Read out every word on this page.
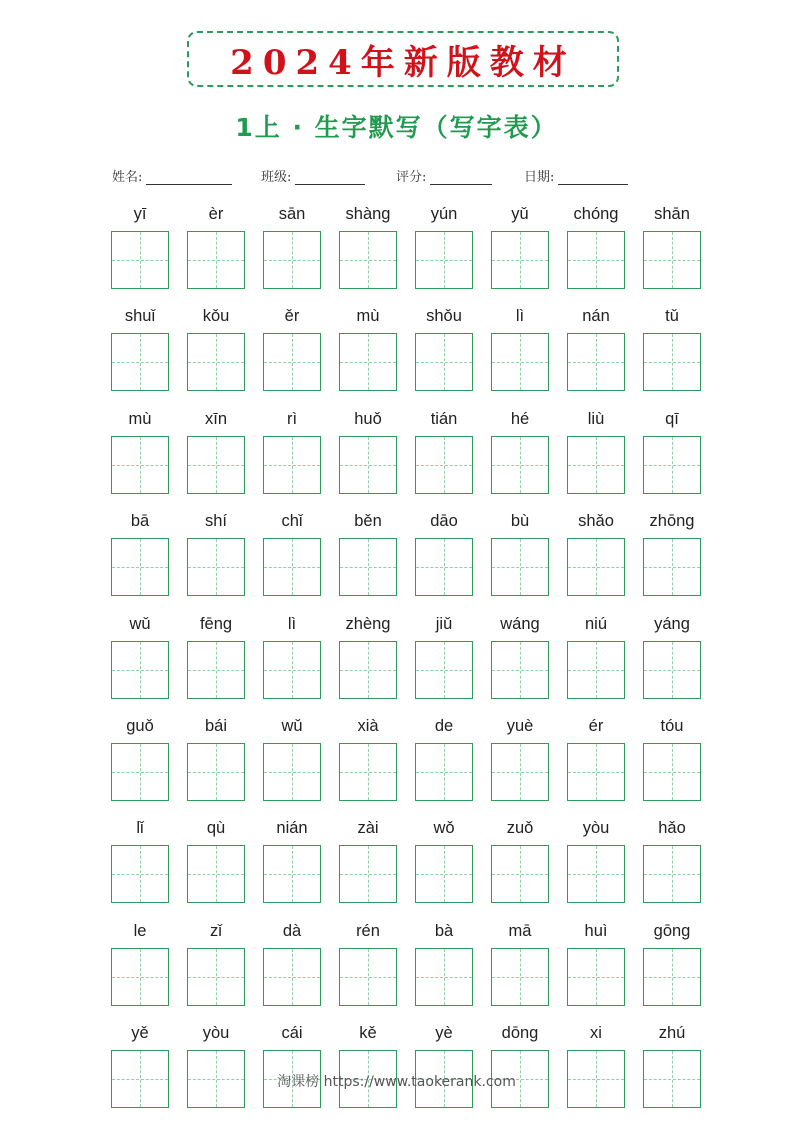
2024年新版教材
1上 · 生字默写（写字表）
姓名:	班级:	评分:	日期:
yī	èr	sān	shàng	yún	yǔ	chóng	shān
shuǐ	kǒu	ěr	mù	shǒu	lì	nán	tǔ
mù	xīn	rì	huǒ	tián	hé	liù	qī
bā	shí	chǐ	běn	dāo	bù	shǎo	zhōng
wǔ	fēng	lì	zhèng	jiǔ	wáng	niú	yáng
guǒ	bái	wǔ	xià	de	yuè	ér	tóu
lǐ	qù	nián	zài	wǒ	zuǒ	yòu	hǎo
le	zǐ	dà	rén	bà	mā	huì	gōng
yě	yòu	cái	kě	yè	dōng	xi	zhú
淘课榜 https://www.taokerank.com
